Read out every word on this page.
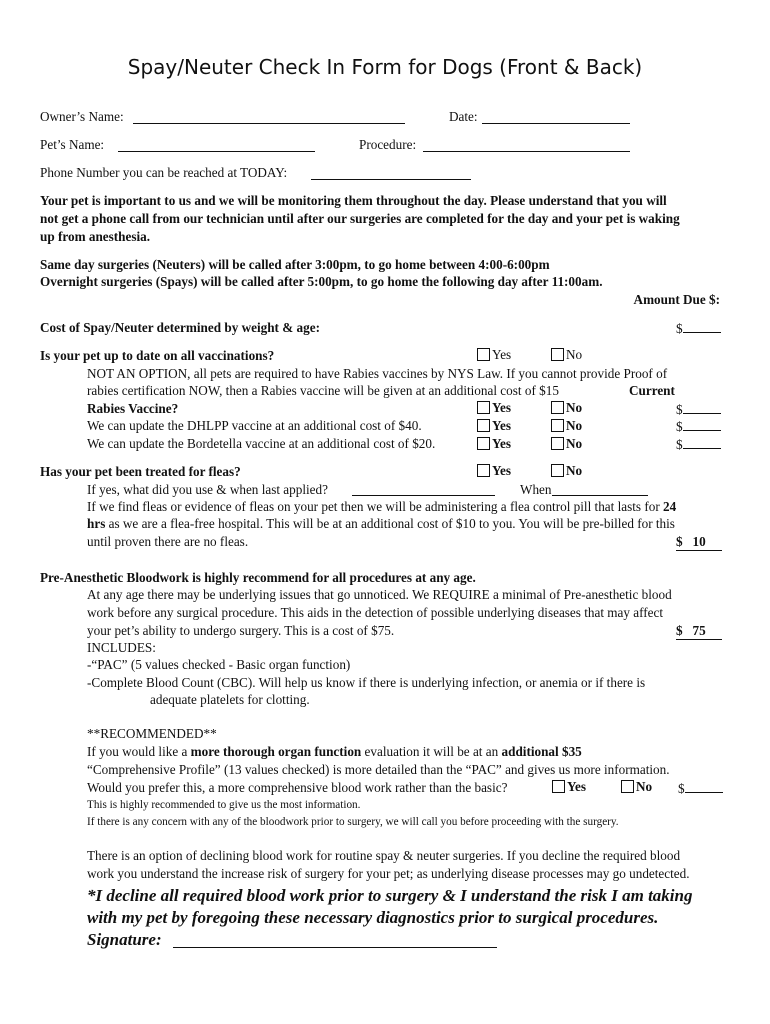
Spay/Neuter Check In Form for Dogs (Front & Back)
Owner’s Name:	Date:
Pet’s Name:	Procedure:
Phone Number you can be reached at TODAY:
Your pet is important to us and we will be monitoring them throughout the day. Please understand that you will
not get a phone call from our technician until after our surgeries are completed for the day and your pet is waking
up from anesthesia.
Same day surgeries (Neuters) will be called after 3:00pm, to go home between 4:00-6:00pm
Overnight surgeries (Spays) will be called after 5:00pm, to go home the following day after 11:00am.
Amount Due $:
Cost of Spay/Neuter determined by weight & age:	$
Is your pet up to date on all vaccinations?	Yes	No
NOT AN OPTION, all pets are required to have Rabies vaccines by NYS Law. If you cannot provide Proof of
rabies certification NOW, then a Rabies vaccine will be given at an additional cost of $15	Current
Rabies Vaccine?	Yes	No	$
We can update the DHLPP vaccine at an additional cost of $40.	Yes	No	$
We can update the Bordetella vaccine at an additional cost of $20.	Yes	No	$
Has your pet been treated for fleas?	Yes	No
If yes, what did you use & when last applied?	When
If we find fleas or evidence of fleas on your pet then we will be administering a flea control pill that lasts for 24
hrs as we are a flea-free hospital. This will be at an additional cost of $10 to you. You will be pre-billed for this
until proven there are no fleas.	$   10
Pre-Anesthetic Bloodwork is highly recommend for all procedures at any age.
At any age there may be underlying issues that go unnoticed. We REQUIRE a minimal of Pre-anesthetic blood
work before any surgical procedure. This aids in the detection of possible underlying diseases that may affect
your pet’s ability to undergo surgery. This is a cost of $75.	$   75
INCLUDES:
-“PAC” (5 values checked - Basic organ function)
-Complete Blood Count (CBC). Will help us know if there is underlying infection, or anemia or if there is
adequate platelets for clotting.
**RECOMMENDED**
If you would like a more thorough organ function evaluation it will be at an additional $35
“Comprehensive Profile” (13 values checked) is more detailed than the “PAC” and gives us more information.
Would you prefer this, a more comprehensive blood work rather than the basic?	Yes	No $
This is highly recommended to give us the most information.
If there is any concern with any of the bloodwork prior to surgery, we will call you before proceeding with the surgery.
There is an option of declining blood work for routine spay & neuter surgeries. If you decline the required blood
work you understand the increase risk of surgery for your pet; as underlying disease processes may go undetected.
*I decline all required blood work prior to surgery & I understand the risk I am taking
with my pet by foregoing these necessary diagnostics prior to surgical procedures.
Signature:
